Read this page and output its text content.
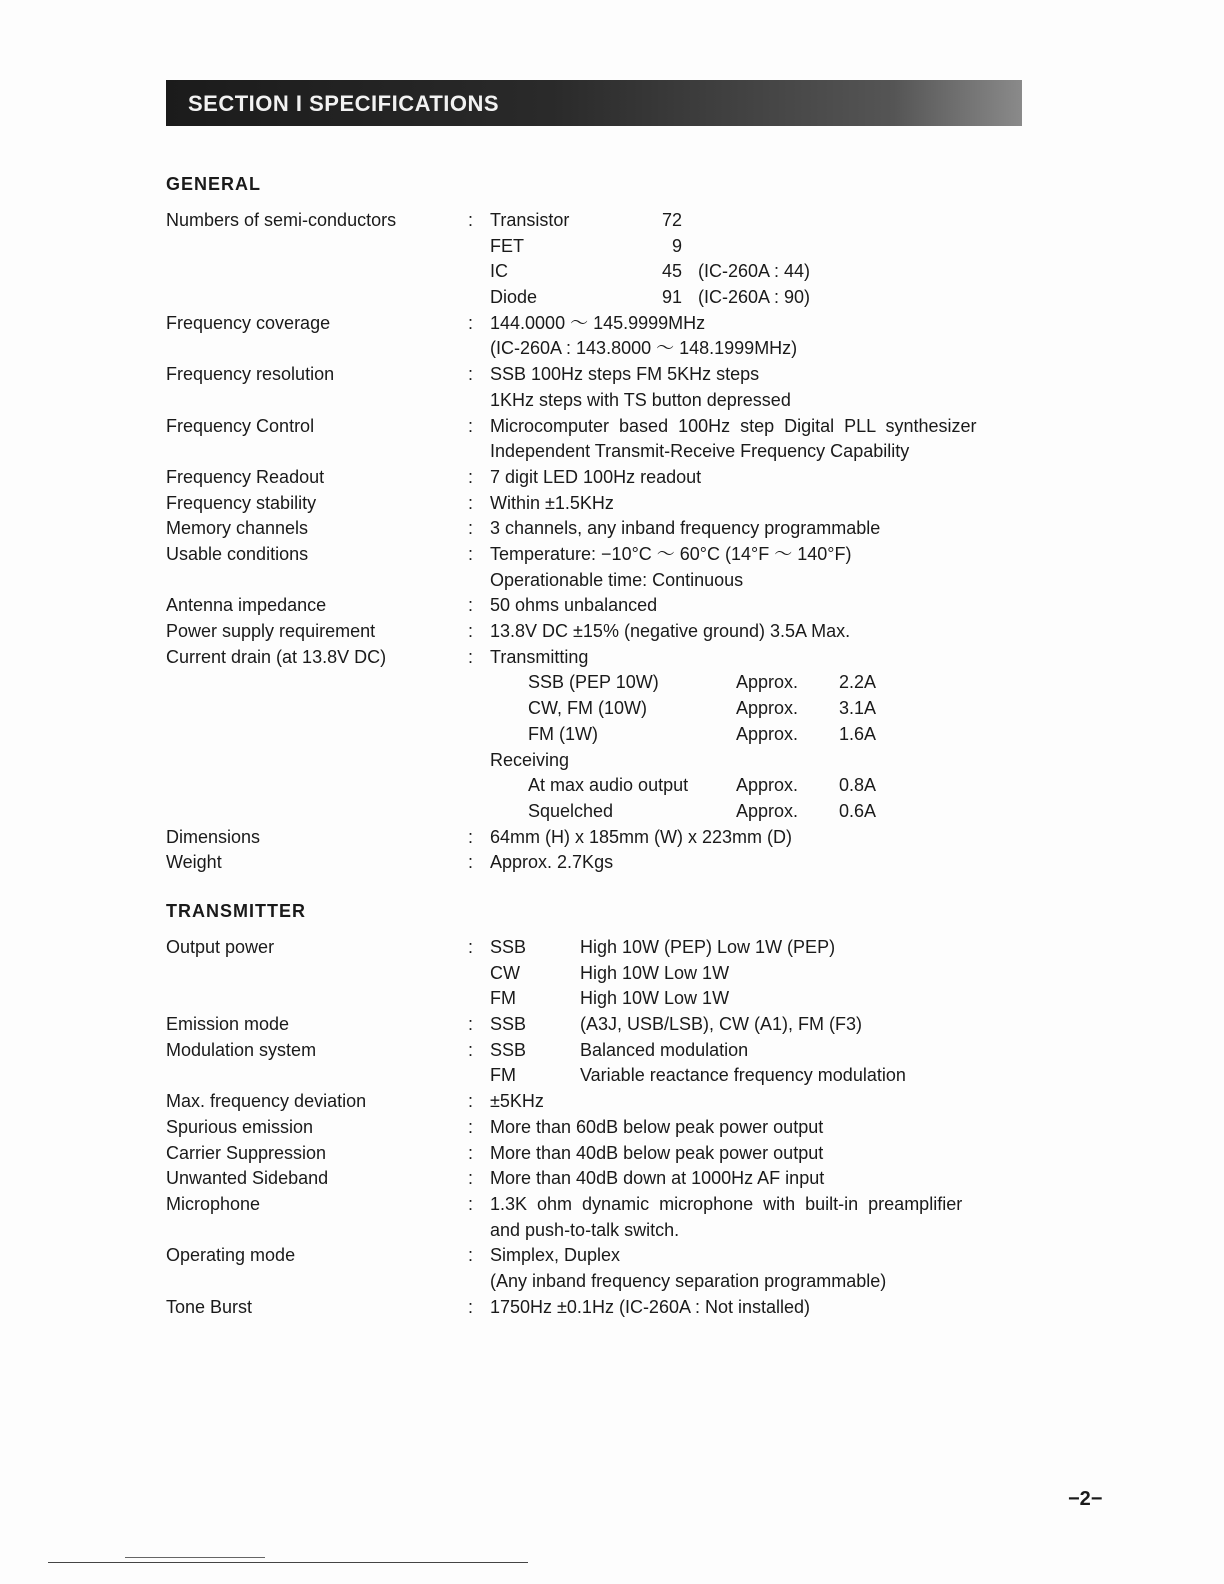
SECTION I SPECIFICATIONS
GENERAL
Numbers of semi-conductors	: Transistor	72
FET	9
IC	45 (IC-260A : 44)
Diode	91 (IC-260A : 90)
Frequency coverage	: 144.0000 ～ 145.9999MHz
(IC-260A : 143.8000 ～ 148.1999MHz)
Frequency resolution	: SSB 100Hz steps FM 5KHz steps
1KHz steps with TS button depressed
Frequency Control	: Microcomputer based 100Hz step Digital PLL synthesizer
Independent Transmit-Receive Frequency Capability
Frequency Readout	: 7 digit LED 100Hz readout
Frequency stability	: Within ±1.5KHz
Memory channels	: 3 channels, any inband frequency programmable
Usable conditions	: Temperature: −10°C ～ 60°C (14°F ～ 140°F)
Operationable time: Continuous
Antenna impedance	: 50 ohms unbalanced
Power supply requirement	: 13.8V DC ±15% (negative ground) 3.5A Max.
Current drain (at 13.8V DC)	: Transmitting
SSB (PEP 10W)	Approx.	2.2A
CW, FM (10W)	Approx.	3.1A
FM (1W)	Approx.	1.6A
Receiving
At max audio output	Approx.	0.8A
Squelched	Approx.	0.6A
Dimensions	: 64mm (H) x 185mm (W) x 223mm (D)
Weight	: Approx. 2.7Kgs
TRANSMITTER
Output power	: SSB	High 10W (PEP) Low 1W (PEP)
CW	High 10W Low 1W
FM	High 10W Low 1W
Emission mode	: SSB	(A3J, USB/LSB), CW (A1), FM (F3)
Modulation system	: SSB	Balanced modulation
FM	Variable reactance frequency modulation
Max. frequency deviation	: ±5KHz
Spurious emission	: More than 60dB below peak power output
Carrier Suppression	: More than 40dB below peak power output
Unwanted Sideband	: More than 40dB down at 1000Hz AF input
Microphone	: 1.3K ohm dynamic microphone with built-in preamplifier
and push-to-talk switch.
Operating mode	: Simplex, Duplex
(Any inband frequency separation programmable)
Tone Burst	: 1750Hz ±0.1Hz (IC-260A : Not installed)
−2−
